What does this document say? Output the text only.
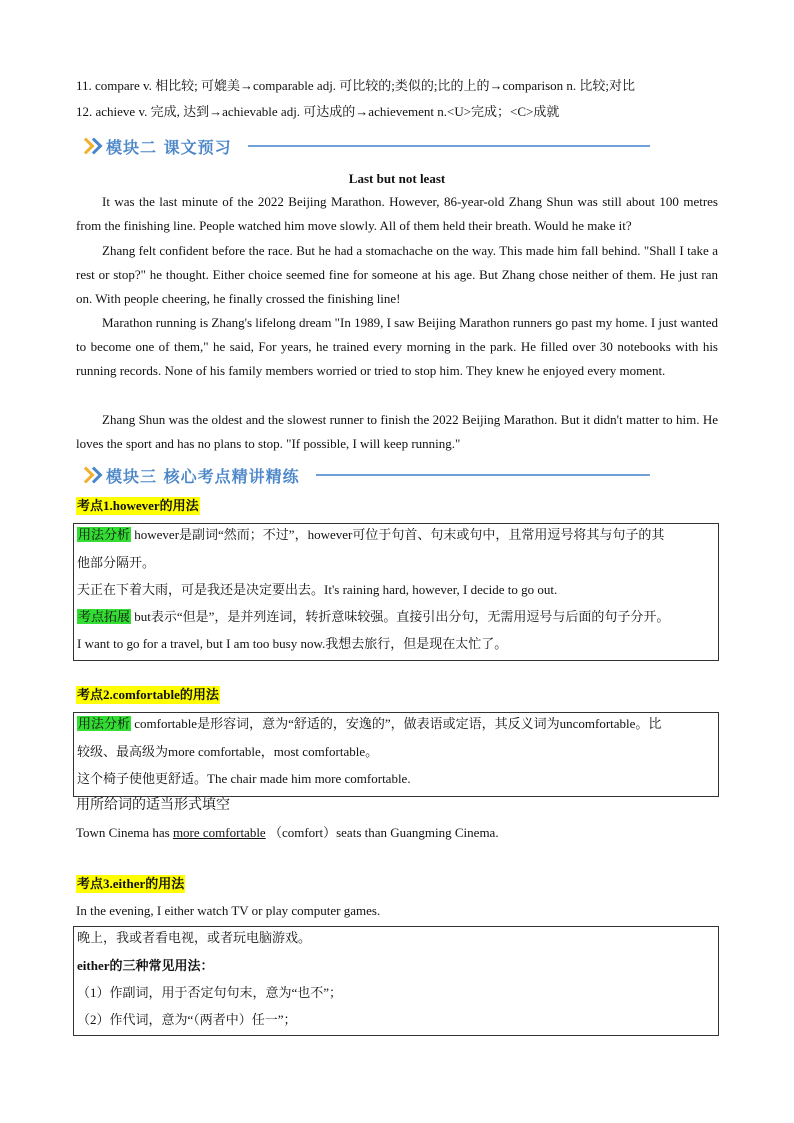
11. compare v. 相比较; 可媲美→comparable adj. 可比较的;类似的;比的上的→comparison n. 比较;对比
12. achieve v. 完成, 达到→achievable adj. 可达成的→achievement n.<U>完成；<C>成就
模块二 课文预习
Last but not least
It was the last minute of the 2022 Beijing Marathon. However, 86-year-old Zhang Shun was still about 100 metres from the finishing line. People watched him move slowly. All of them held their breath. Would he make it?
Zhang felt confident before the race. But he had a stomachache on the way. This made him fall behind. "Shall I take a rest or stop?" he thought. Either choice seemed fine for someone at his age. But Zhang chose neither of them. He just ran on. With people cheering, he finally crossed the finishing line!
Marathon running is Zhang's lifelong dream "In 1989, I saw Beijing Marathon runners go past my home. I just wanted to become one of them," he said, For years, he trained every morning in the park. He filled over 30 notebooks with his running records. None of his family members worried or tried to stop him. They knew he enjoyed every moment.
Zhang Shun was the oldest and the slowest runner to finish the 2022 Beijing Marathon. But it didn't matter to him. He loves the sport and has no plans to stop. "If possible, I will keep running."
模块三 核心考点精讲精练
考点1.however的用法
用法分析 however是副词“然而；不过”，however可位于句首、句末或句中，且常用逗号将其与句子的其
他部分隔开。
天正在下着大雨，可是我还是决定要出去。It's raining hard, however, I decide to go out.
考点拓展 but表示“但是”，是并列连词，转折意味较强。直接引出分句，无需用逗号与后面的句子分开。
I want to go for a travel, but I am too busy now.我想去旅行，但是现在太忙了。
考点2.comfortable的用法
用法分析 comfortable是形容词，意为“舒适的，安逸的”，做表语或定语，其反义词为uncomfortable。比
较级、最高级为more comfortable，most comfortable。
这个椅子使他更舒适。The chair made him more comfortable.
用所给词的适当形式填空
Town Cinema has more comfortable （comfort）seats than Guangming Cinema.
考点3.either的用法
In the evening, I either watch TV or play computer games.
晚上，我或者看电视，或者玩电脑游戏。
either的三种常见用法：
（1）作副词，用于否定句句末，意为“也不”；
（2）作代词，意为“（两者中）任一”；
